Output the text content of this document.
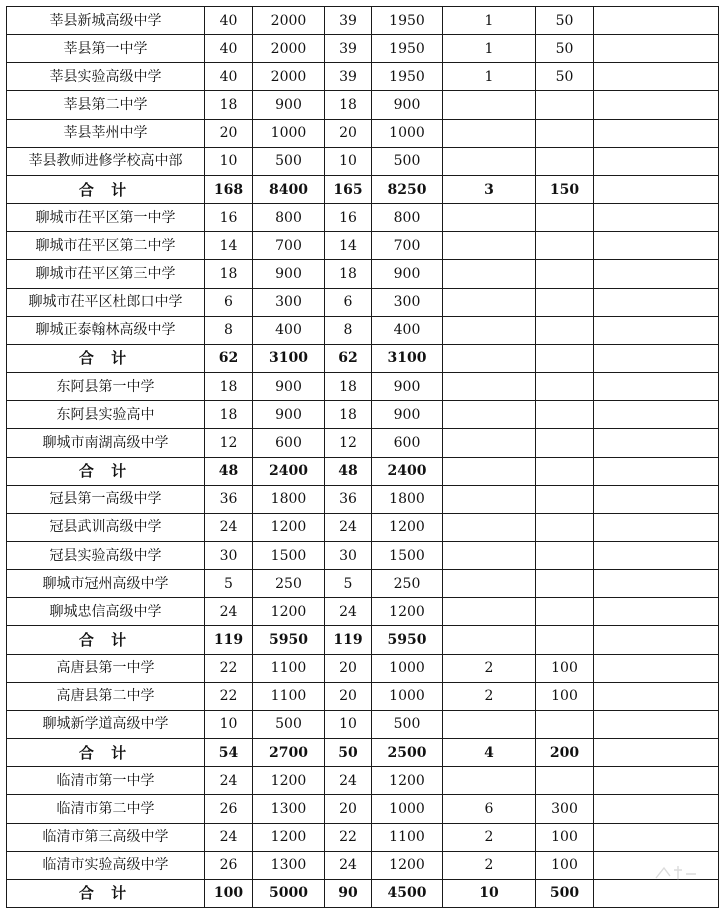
莘县新城高级中学	40	2000	39	1950	1	50	
莘县第一中学	40	2000	39	1950	1	50	
莘县实验高级中学	40	2000	39	1950	1	50	
莘县第二中学	18	900	18	900			
莘县莘州中学	20	1000	20	1000			
莘县教师进修学校高中部	10	500	10	500			
合 计	168	8400	165	8250	3	150	
聊城市茌平区第一中学	16	800	16	800			
聊城市茌平区第二中学	14	700	14	700			
聊城市茌平区第三中学	18	900	18	900			
聊城市茌平区杜郎口中学	6	300	6	300			
聊城正泰翰林高级中学	8	400	8	400			
合 计	62	3100	62	3100			
东阿县第一中学	18	900	18	900			
东阿县实验高中	18	900	18	900			
聊城市南湖高级中学	12	600	12	600			
合 计	48	2400	48	2400			
冠县第一高级中学	36	1800	36	1800			
冠县武训高级中学	24	1200	24	1200			
冠县实验高级中学	30	1500	30	1500			
聊城市冠州高级中学	5	250	5	250			
聊城忠信高级中学	24	1200	24	1200			
合 计	119	5950	119	5950			
高唐县第一中学	22	1100	20	1000	2	100	
高唐县第二中学	22	1100	20	1000	2	100	
聊城新学道高级中学	10	500	10	500			
合 计	54	2700	50	2500	4	200	
临清市第一中学	24	1200	24	1200			
临清市第二中学	26	1300	20	1000	6	300	
临清市第三高级中学	24	1200	22	1100	2	100	
临清市实验高级中学	26	1300	24	1200	2	100	
合 计	100	5000	90	4500	10	500	
